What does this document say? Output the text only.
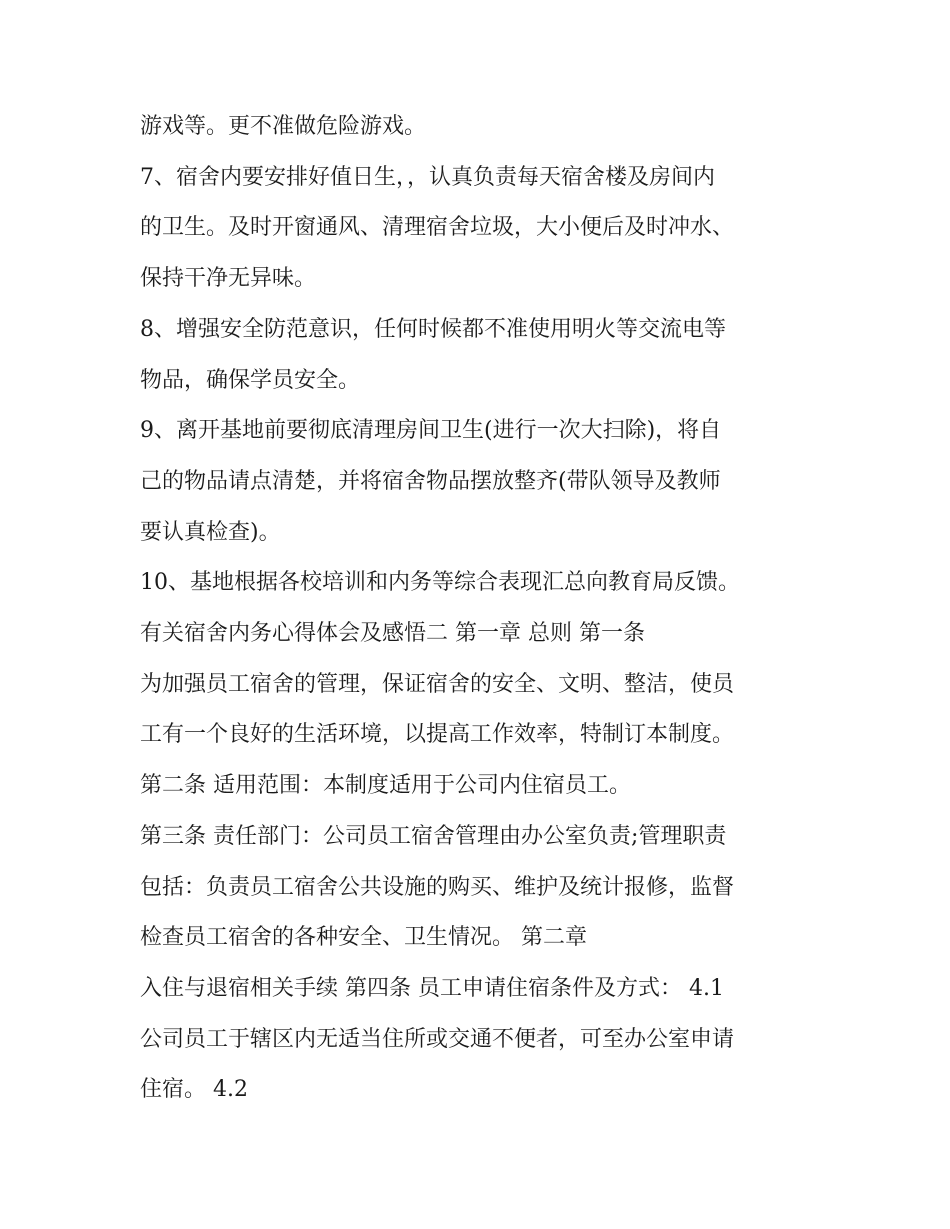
游戏等。更不准做危险游戏。

7、宿舍内要安排好值日生，，认真负责每天宿舍楼及房间内

的卫生。及时开窗通风、清理宿舍垃圾，大小便后及时冲水、

保持干净无异味。

8、增强安全防范意识，任何时候都不准使用明火等交流电等

物品，确保学员安全。

9、离开基地前要彻底清理房间卫生(进行一次大扫除)，将自

己的物品请点清楚，并将宿舍物品摆放整齐(带队领导及教师

要认真检查)。

10、基地根据各校培训和内务等综合表现汇总向教育局反馈。

有关宿舍内务心得体会及感悟二 第一章 总则 第一条

为加强员工宿舍的管理，保证宿舍的安全、文明、整洁，使员

工有一个良好的生活环境，以提高工作效率，特制订本制度。

第二条 适用范围：本制度适用于公司内住宿员工。

第三条 责任部门：公司员工宿舍管理由办公室负责;管理职责

包括：负责员工宿舍公共设施的购买、维护及统计报修，监督

检查员工宿舍的各种安全、卫生情况。 第二章

入住与退宿相关手续 第四条 员工申请住宿条件及方式： 4.1

公司员工于辖区内无适当住所或交通不便者，可至办公室申请

住宿。 4.2
